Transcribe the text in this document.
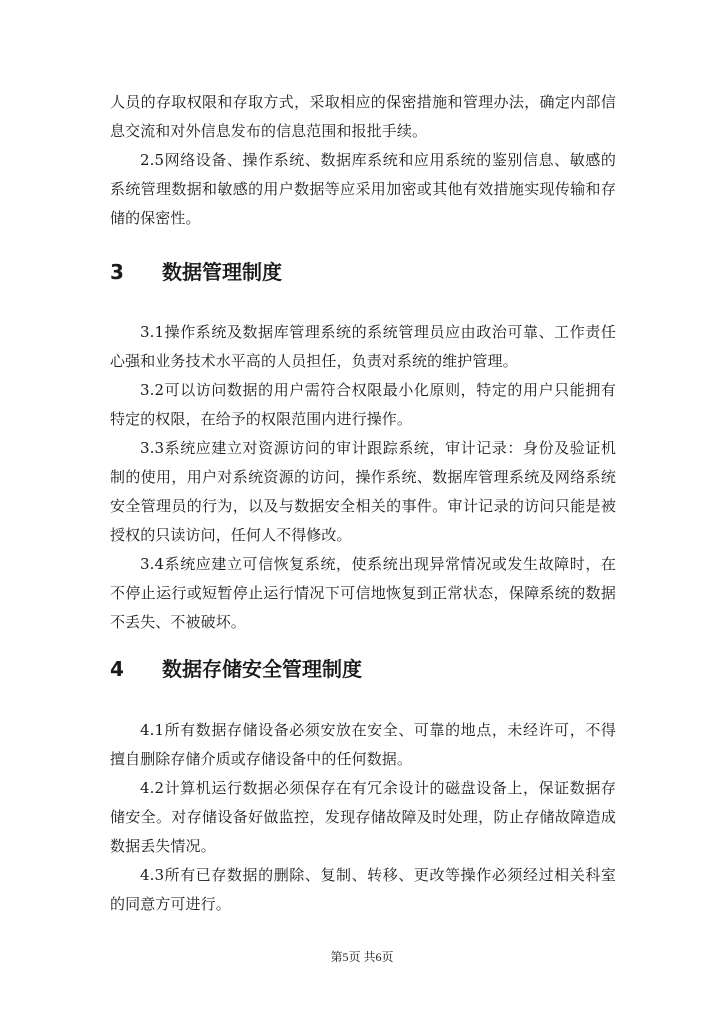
人员的存取权限和存取方式，采取相应的保密措施和管理办法，确定内部信息交流和对外信息发布的信息范围和报批手续。

2.5网络设备、操作系统、数据库系统和应用系统的鉴别信息、敏感的系统管理数据和敏感的用户数据等应采用加密或其他有效措施实现传输和存储的保密性。

3 数据管理制度

3.1操作系统及数据库管理系统的系统管理员应由政治可靠、工作责任心强和业务技术水平高的人员担任，负责对系统的维护管理。

3.2可以访问数据的用户需符合权限最小化原则，特定的用户只能拥有特定的权限，在给予的权限范围内进行操作。

3.3系统应建立对资源访问的审计跟踪系统，审计记录：身份及验证机制的使用，用户对系统资源的访问，操作系统、数据库管理系统及网络系统安全管理员的行为，以及与数据安全相关的事件。审计记录的访问只能是被授权的只读访问，任何人不得修改。

3.4系统应建立可信恢复系统，使系统出现异常情况或发生故障时，在不停止运行或短暂停止运行情况下可信地恢复到正常状态，保障系统的数据不丢失、不被破坏。

4 数据存储安全管理制度

4.1所有数据存储设备必须安放在安全、可靠的地点，未经许可，不得擅自删除存储介质或存储设备中的任何数据。

4.2计算机运行数据必须保存在有冗余设计的磁盘设备上，保证数据存储安全。对存储设备好做监控，发现存储故障及时处理，防止存储故障造成数据丢失情况。

4.3所有已存数据的删除、复制、转移、更改等操作必须经过相关科室的同意方可进行。

第5页 共6页
